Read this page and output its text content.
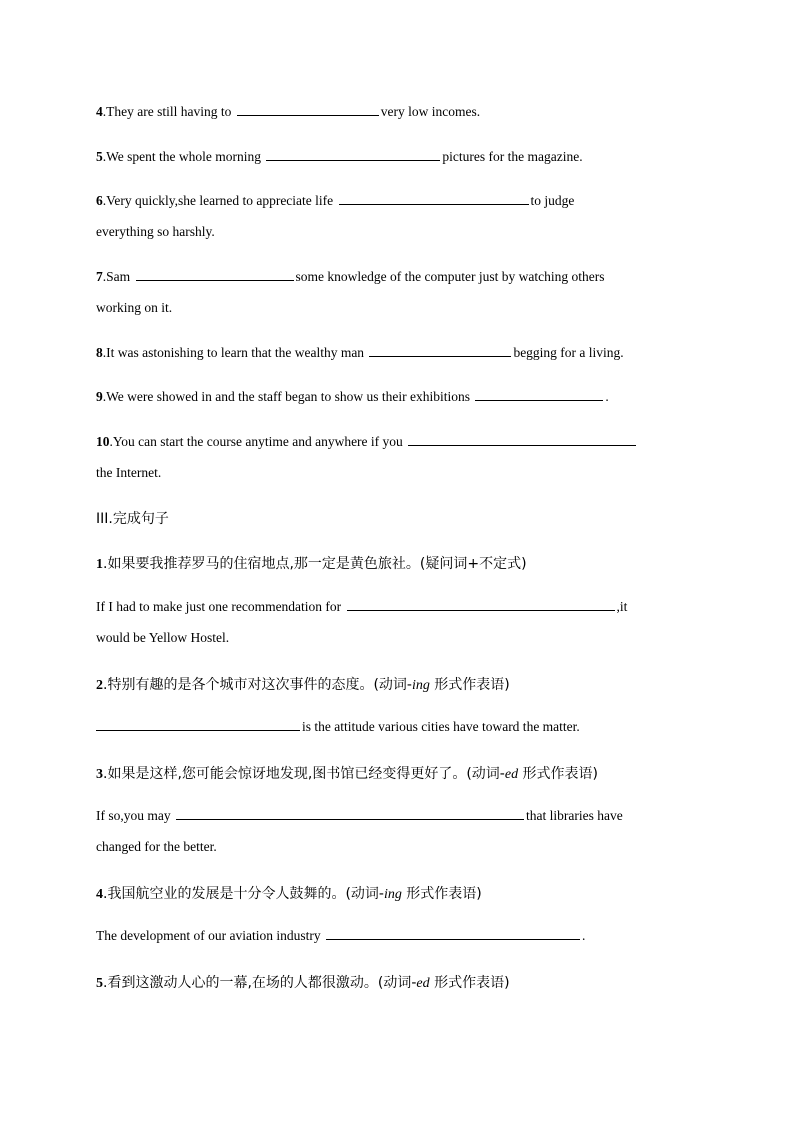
4.They are still having to	very low incomes.
5.We spent the whole morning	pictures for the magazine.
6.Very quickly,she learned to appreciate life	to judge
everything so harshly.
7.Sam	some knowledge of the computer just by watching others
working on it.
8.It was astonishing to learn that the wealthy man	begging for a living.
9.We were showed in and the staff began to show us their exhibitions	.
10.You can start the course anytime and anywhere if you
the Internet.
III.完成句子
1.如果要我推荐罗马的住宿地点,那一定是黄色旅社。(疑问词+不定式)
If I had to make just one recommendation for	,it
would be Yellow Hostel.
2.特别有趣的是各个城市对这次事件的态度。(动词-ing 形式作表语)
is the attitude various cities have toward the matter.
3.如果是这样,您可能会惊讶地发现,图书馆已经变得更好了。(动词-ed 形式作表语)
If so,you may	that libraries have
changed for the better.
4.我国航空业的发展是十分令人鼓舞的。(动词-ing 形式作表语)
The development of our aviation industry	.
5.看到这激动人心的一幕,在场的人都很激动。(动词-ed 形式作表语)
